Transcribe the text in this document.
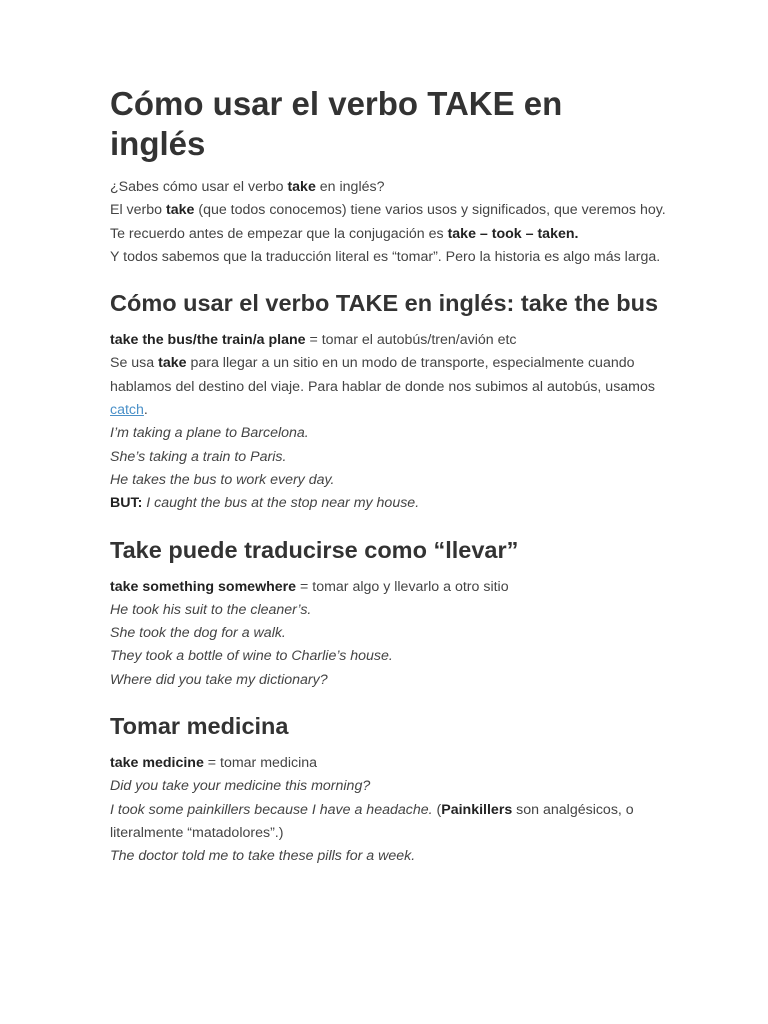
Cómo usar el verbo TAKE en inglés

¿Sabes cómo usar el verbo take en inglés?

El verbo take (que todos conocemos) tiene varios usos y significados, que veremos hoy. Te recuerdo antes de empezar que la conjugación es take – took – taken.

Y todos sabemos que la traducción literal es “tomar”. Pero la historia es algo más larga.

Cómo usar el verbo TAKE en inglés: take the bus

take the bus/the train/a plane = tomar el autobús/tren/avión etc

Se usa take para llegar a un sitio en un modo de transporte, especialmente cuando hablamos del destino del viaje. Para hablar de donde nos subimos al autobús, usamos catch.

I’m taking a plane to Barcelona.

She’s taking a train to Paris.

He takes the bus to work every day.

BUT: I caught the bus at the stop near my house.

Take puede traducirse como “llevar”

take something somewhere = tomar algo y llevarlo a otro sitio

He took his suit to the cleaner’s.

She took the dog for a walk.

They took a bottle of wine to Charlie’s house.

Where did you take my dictionary?

Tomar medicina

take medicine = tomar medicina

Did you take your medicine this morning?

I took some painkillers because I have a headache. (Painkillers son analgésicos, o literalmente “matadolores”.)

The doctor told me to take these pills for a week.
